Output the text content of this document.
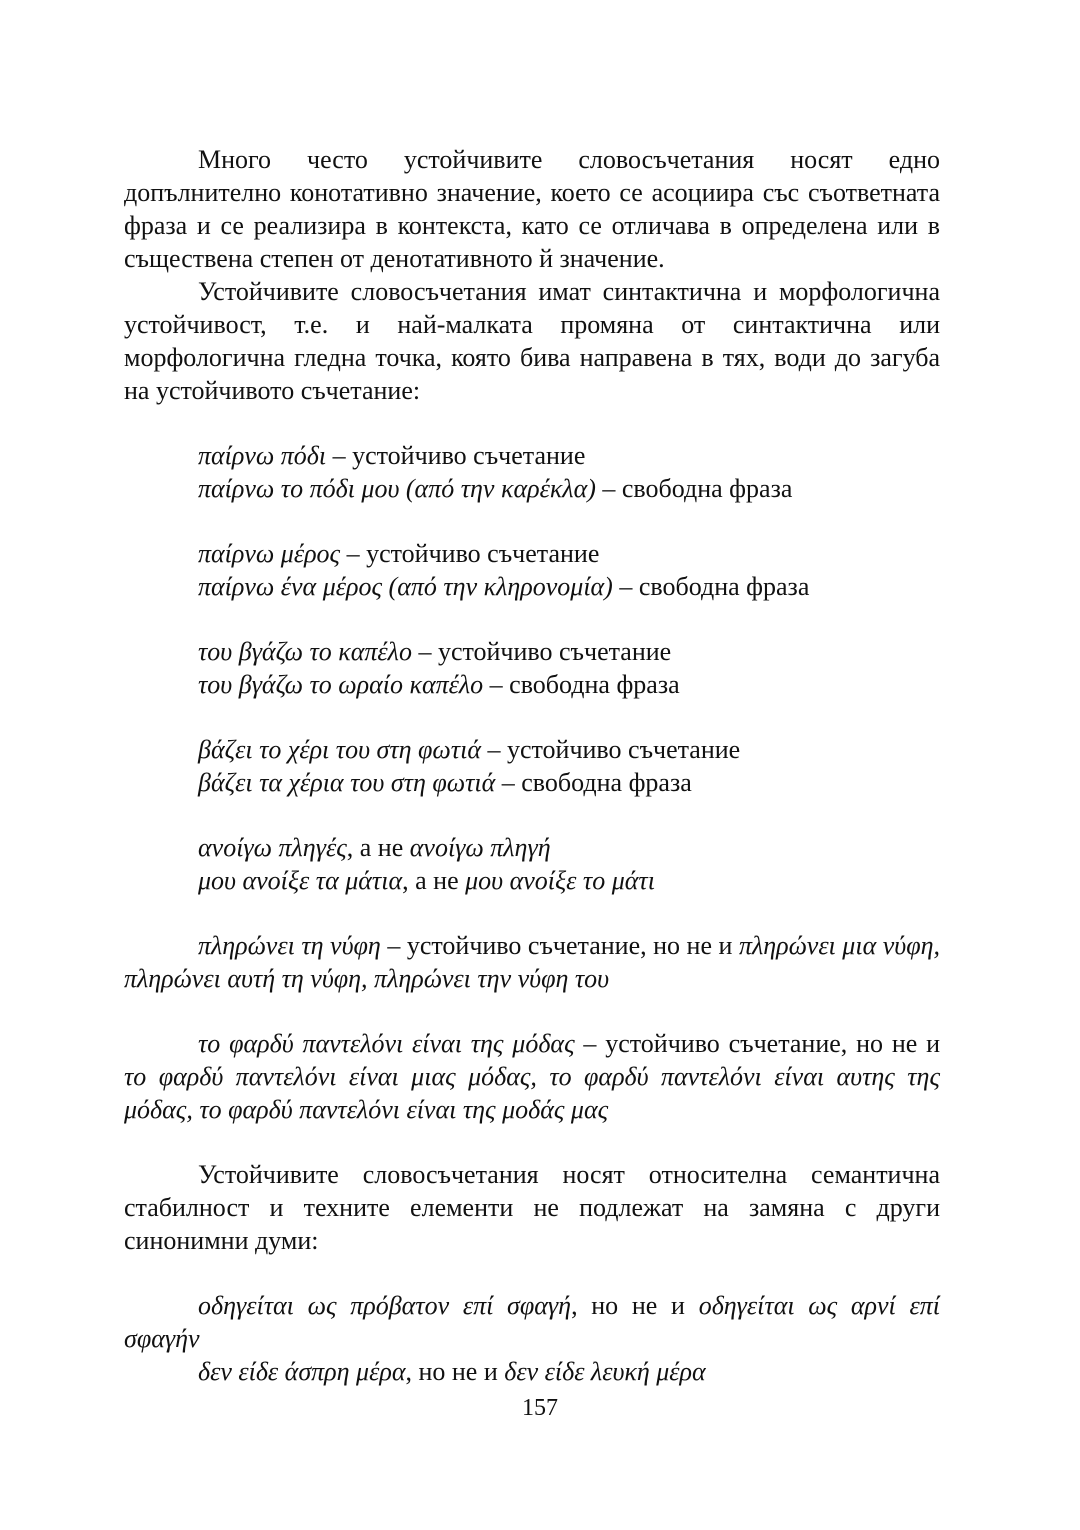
Много често устойчивите словосъчетания носят едно допълнително конотативно значение, което се асоциира със съответната фраза и се реализира в контекста, като се отличава в определена или в съществена степен от денотативното й значение.

Устойчивите словосъчетания имат синтактична и морфологична устойчивост, т.е. и най-малката промяна от синтактична или морфологична гледна точка, която бива направена в тях, води до загуба на устойчивото съчетание:

παίρνω πόδι – устойчиво съчетание
παίρνω το πόδι μου (από την καρέκλα) – свободна фраза
παίρνω μέρος – устойчиво съчетание
παίρνω ένα μέρος (από την κληρονομία) – свободна фраза
του βγάζω το καπέλο – устойчиво съчетание
του βγάζω το ωραίο καπέλο – свободна фраза
βάζει το χέρι του στη φωτιά – устойчиво съчетание
βάζει τα χέρια του στη φωτιά – свободна фраза
ανοίγω πληγές, а не ανοίγω πληγή
μου ανοίξε τα μάτια, а не μου ανοίξε το μάτι

πληρώνει τη νύφη – устойчиво съчетание, но не и πληρώνει μια νύφη, πληρώνει αυτή τη νύφη, πληρώνει την νύφη του

το φαρδύ παντελόνι είναι της μόδας – устойчиво съчетание, но не и το φαρδύ παντελόνι είναι μιας μόδας, το φαρδύ παντελόνι είναι αυτης της μόδας, το φαρδύ παντελόνι είναι της μοδάς μας

Устойчивите словосъчетания носят относителна семантична стабилност и техните елементи не подлежат на замяна с други синонимни думи:

οδηγείται ως πρόβατον επί σφαγή, но не и οδηγείται ως αρνί επί σφαγήν

δεν είδε άσπρη μέρα, но не и δεν είδε λευκή μέρα

157
